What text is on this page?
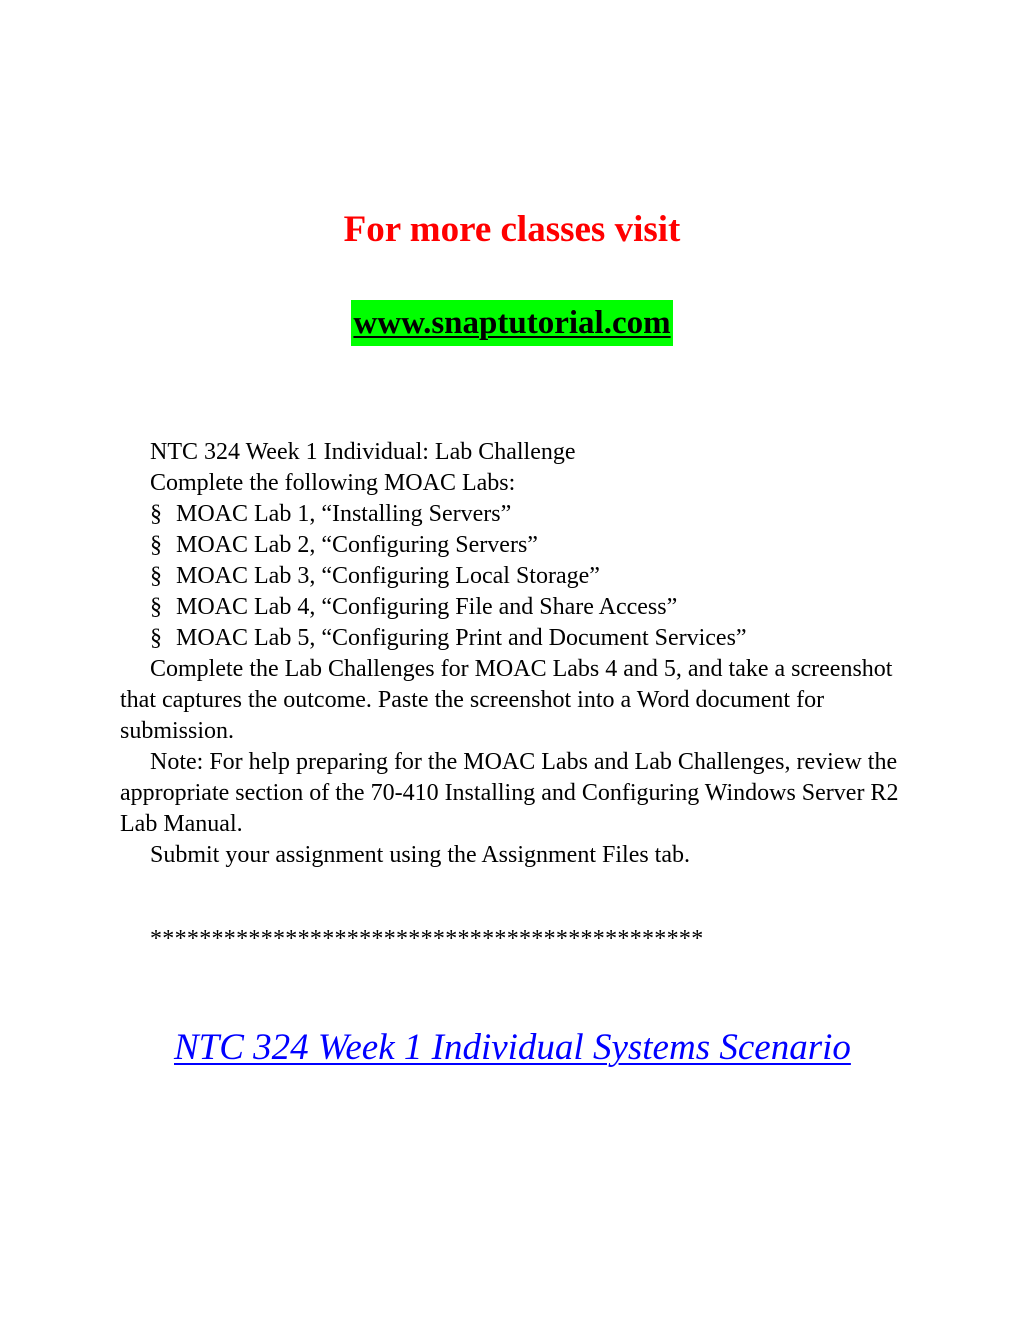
For more classes visit
www.snaptutorial.com

NTC 324 Week 1 Individual: Lab Challenge

Complete the following MOAC Labs:

§ MOAC Lab 1, “Installing Servers”

§ MOAC Lab 2, “Configuring Servers”

§ MOAC Lab 3, “Configuring Local Storage”

§ MOAC Lab 4, “Configuring File and Share Access”

§ MOAC Lab 5, “Configuring Print and Document Services”

Complete the Lab Challenges for MOAC Labs 4 and 5, and take a screenshot that captures the outcome. Paste the screenshot into a Word document for submission.

Note: For help preparing for the MOAC Labs and Lab Challenges, review the appropriate section of the 70-410 Installing and Configuring Windows Server R2 Lab Manual.

Submit your assignment using the Assignment Files tab.

*********************************************
NTC 324 Week 1 Individual Systems Scenario
